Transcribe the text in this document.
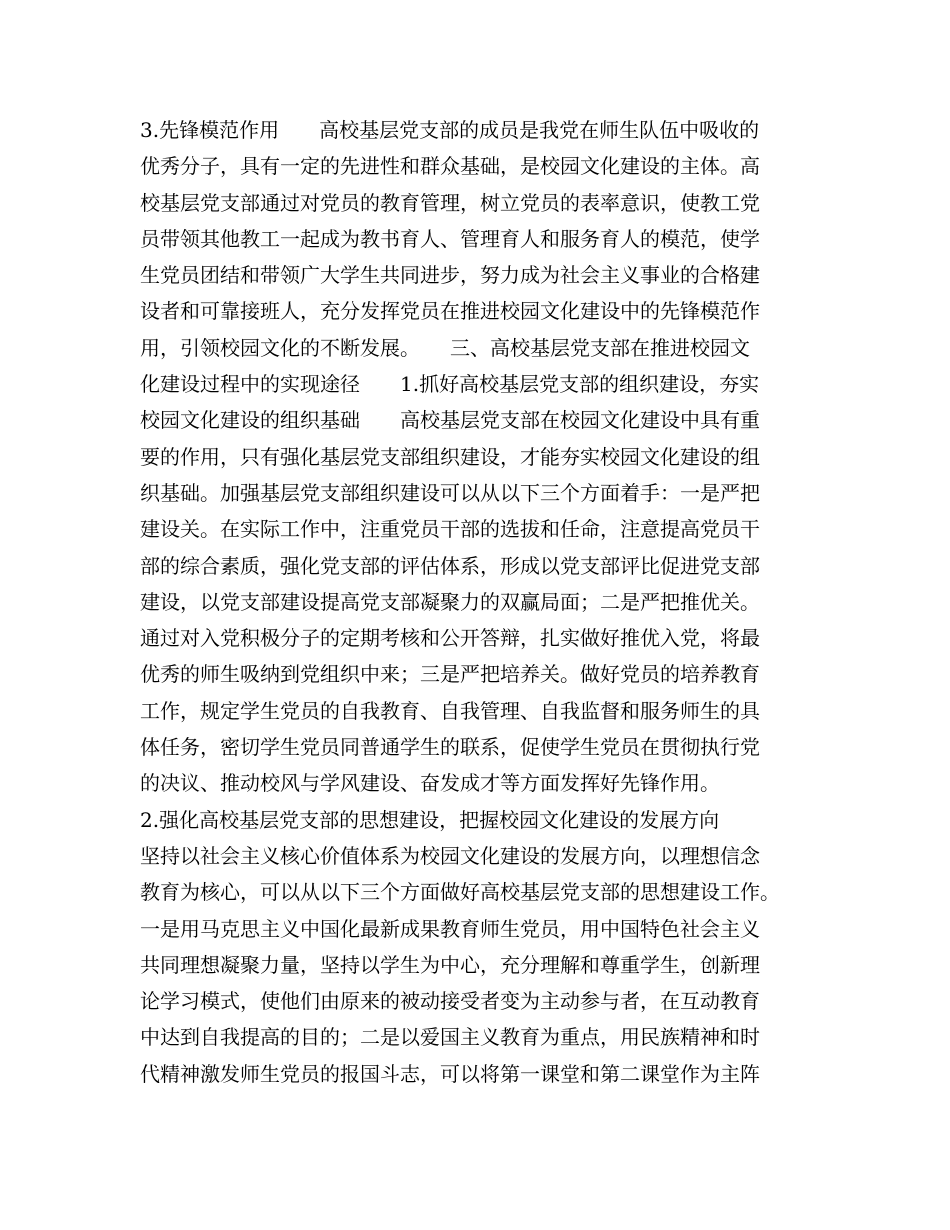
3.先锋模范作用　　高校基层党支部的成员是我党在师生队伍中吸收的
优秀分子，具有一定的先进性和群众基础，是校园文化建设的主体。高
校基层党支部通过对党员的教育管理，树立党员的表率意识，使教工党
员带领其他教工一起成为教书育人、管理育人和服务育人的模范，使学
生党员团结和带领广大学生共同进步，努力成为社会主义事业的合格建
设者和可靠接班人，充分发挥党员在推进校园文化建设中的先锋模范作
用，引领校园文化的不断发展。　　三、高校基层党支部在推进校园文
化建设过程中的实现途径　　1.抓好高校基层党支部的组织建设，夯实
校园文化建设的组织基础　　高校基层党支部在校园文化建设中具有重
要的作用，只有强化基层党支部组织建设，才能夯实校园文化建设的组
织基础。加强基层党支部组织建设可以从以下三个方面着手：一是严把
建设关。在实际工作中，注重党员干部的选拔和任命，注意提高党员干
部的综合素质，强化党支部的评估体系，形成以党支部评比促进党支部
建设，以党支部建设提高党支部凝聚力的双赢局面；二是严把推优关。
通过对入党积极分子的定期考核和公开答辩，扎实做好推优入党，将最
优秀的师生吸纳到党组织中来；三是严把培养关。做好党员的培养教育
工作，规定学生党员的自我教育、自我管理、自我监督和服务师生的具
体任务，密切学生党员同普通学生的联系，促使学生党员在贯彻执行党
的决议、推动校风与学风建设、奋发成才等方面发挥好先锋作用。
2.强化高校基层党支部的思想建设，把握校园文化建设的发展方向
坚持以社会主义核心价值体系为校园文化建设的发展方向，以理想信念
教育为核心，可以从以下三个方面做好高校基层党支部的思想建设工作。
一是用马克思主义中国化最新成果教育师生党员，用中国特色社会主义
共同理想凝聚力量，坚持以学生为中心，充分理解和尊重学生，创新理
论学习模式，使他们由原来的被动接受者变为主动参与者，在互动教育
中达到自我提高的目的；二是以爱国主义教育为重点，用民族精神和时
代精神激发师生党员的报国斗志，可以将第一课堂和第二课堂作为主阵
